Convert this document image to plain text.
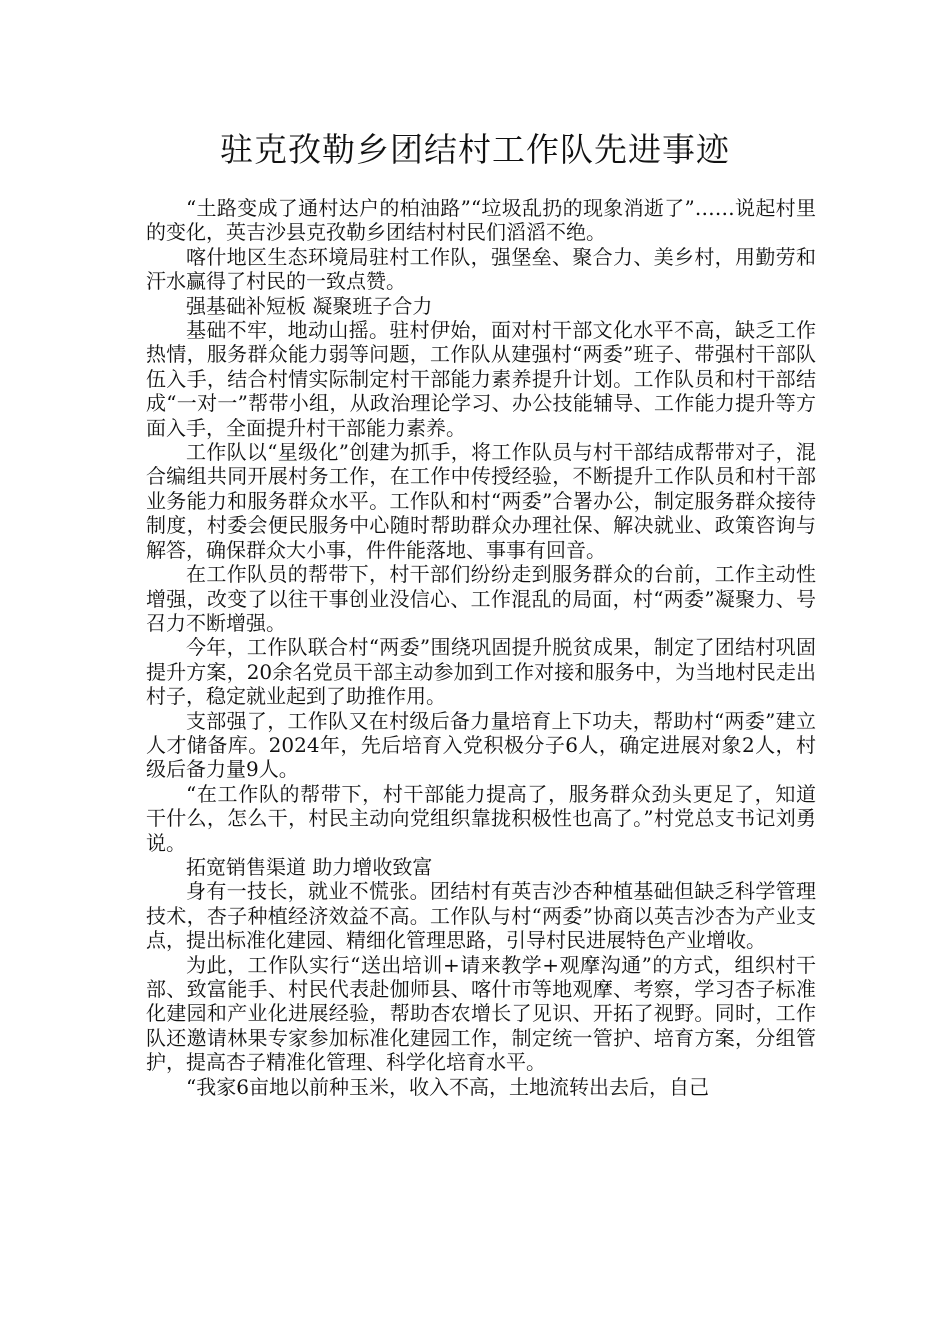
驻克孜勒乡团结村工作队先进事迹

“土路变成了通村达户的柏油路”“垃圾乱扔的现象消逝了”……说起村里的变化，英吉沙县克孜勒乡团结村村民们滔滔不绝。

喀什地区生态环境局驻村工作队，强堡垒、聚合力、美乡村，用勤劳和汗水赢得了村民的一致点赞。

强基础补短板 凝聚班子合力

基础不牢，地动山摇。驻村伊始，面对村干部文化水平不高，缺乏工作热情，服务群众能力弱等问题，工作队从建强村“两委”班子、带强村干部队伍入手，结合村情实际制定村干部能力素养提升计划。工作队员和村干部结成“一对一”帮带小组，从政治理论学习、办公技能辅导、工作能力提升等方面入手，全面提升村干部能力素养。

工作队以“星级化”创建为抓手，将工作队员与村干部结成帮带对子，混合编组共同开展村务工作，在工作中传授经验，不断提升工作队员和村干部业务能力和服务群众水平。工作队和村“两委”合署办公，制定服务群众接待制度，村委会便民服务中心随时帮助群众办理社保、解决就业、政策咨询与解答，确保群众大小事，件件能落地、事事有回音。

在工作队员的帮带下，村干部们纷纷走到服务群众的台前，工作主动性增强，改变了以往干事创业没信心、工作混乱的局面，村“两委”凝聚力、号召力不断增强。

今年，工作队联合村“两委”围绕巩固提升脱贫成果，制定了团结村巩固提升方案，20余名党员干部主动参加到工作对接和服务中，为当地村民走出村子，稳定就业起到了助推作用。

支部强了，工作队又在村级后备力量培育上下功夫，帮助村“两委”建立人才储备库。2024年，先后培育入党积极分子6人，确定进展对象2人，村级后备力量9人。

“在工作队的帮带下，村干部能力提高了，服务群众劲头更足了，知道干什么，怎么干，村民主动向党组织靠拢积极性也高了。”村党总支书记刘勇说。

拓宽销售渠道 助力增收致富

身有一技长，就业不慌张。团结村有英吉沙杏种植基础但缺乏科学管理技术，杏子种植经济效益不高。工作队与村“两委”协商以英吉沙杏为产业支点，提出标准化建园、精细化管理思路，引导村民进展特色产业增收。

为此，工作队实行“送出培训+请来教学+观摩沟通”的方式，组织村干部、致富能手、村民代表赴伽师县、喀什市等地观摩、考察，学习杏子标准化建园和产业化进展经验，帮助杏农增长了见识、开拓了视野。同时，工作队还邀请林果专家参加标准化建园工作，制定统一管护、培育方案，分组管护，提高杏子精准化管理、科学化培育水平。

“我家6亩地以前种玉米，收入不高，土地流转出去后，自己
